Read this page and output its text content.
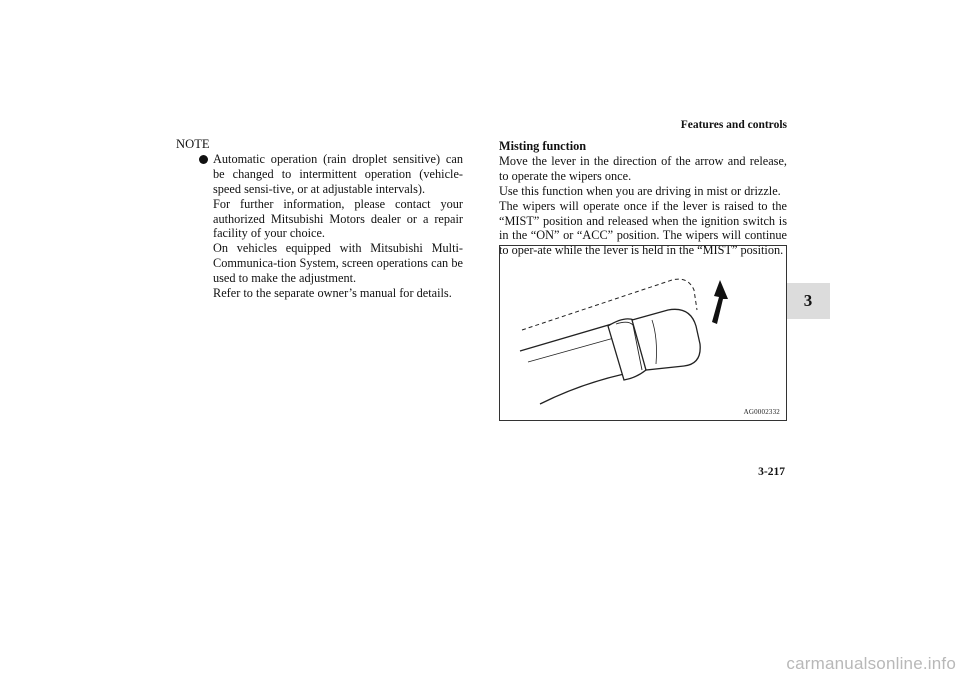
Features and controls
3
NOTE

Automatic operation (rain droplet sensitive) can be changed to intermittent operation (vehicle-speed sensi-tive, or at adjustable intervals).

For further information, please contact your authorized Mitsubishi Motors dealer or a repair facility of your choice.

On vehicles equipped with Mitsubishi Multi-Communica-tion System, screen operations can be used to make the adjustment.

Refer to the separate owner’s manual for details.

Misting function

Move the lever in the direction of the arrow and release, to operate the wipers once.

Use this function when you are driving in mist or drizzle.

The wipers will operate once if the lever is raised to the “MIST” position and released when the ignition switch is in the “ON” or “ACC” position. The wipers will continue to oper-ate while the lever is held in the “MIST” position.

AG0002332
3-217
carmanualsonline.info
